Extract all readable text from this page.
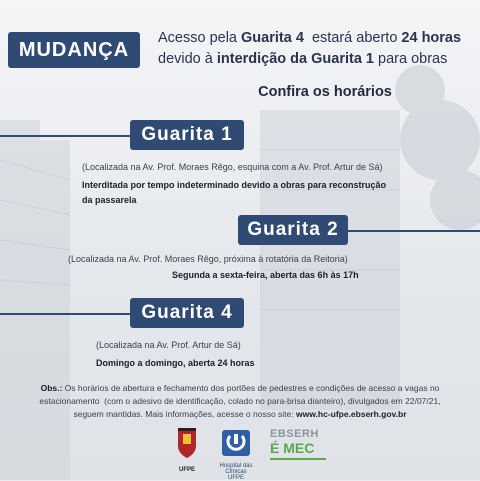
MUDANÇA
Acesso pela Guarita 4  estará aberto 24 horas
devido à interdição da Guarita 1 para obras
Confira os horários
Guarita 1
(Localizada na Av. Prof. Moraes Rêgo, esquina com a Av. Prof. Artur de Sá)
Interditada por tempo indeterminado devido a obras para reconstrução
da passarela
Guarita 2
(Localizada na Av. Prof. Moraes Rêgo, próxima à rotatória da Reitoria)
Segunda a sexta-feira, aberta das 6h às 17h
Guarita 4
(Localizada na Av. Prof. Artur de Sá)
Domingo a domingo, aberta 24 horas
Obs.: Os horários de abertura e fechamento dos portões de pedestres e condições de acesso a vagas no
estacionamento  (com o adesivo de identificação, colado no para-brisa dianteiro), divulgados em 22/07/21,
seguem mantidas. Mais informações, acesse o nosso site: www.hc-ufpe.ebserh.gov.br
UFPE
Hospital das Clínicas
UFPE
EBSERH
É MEC
